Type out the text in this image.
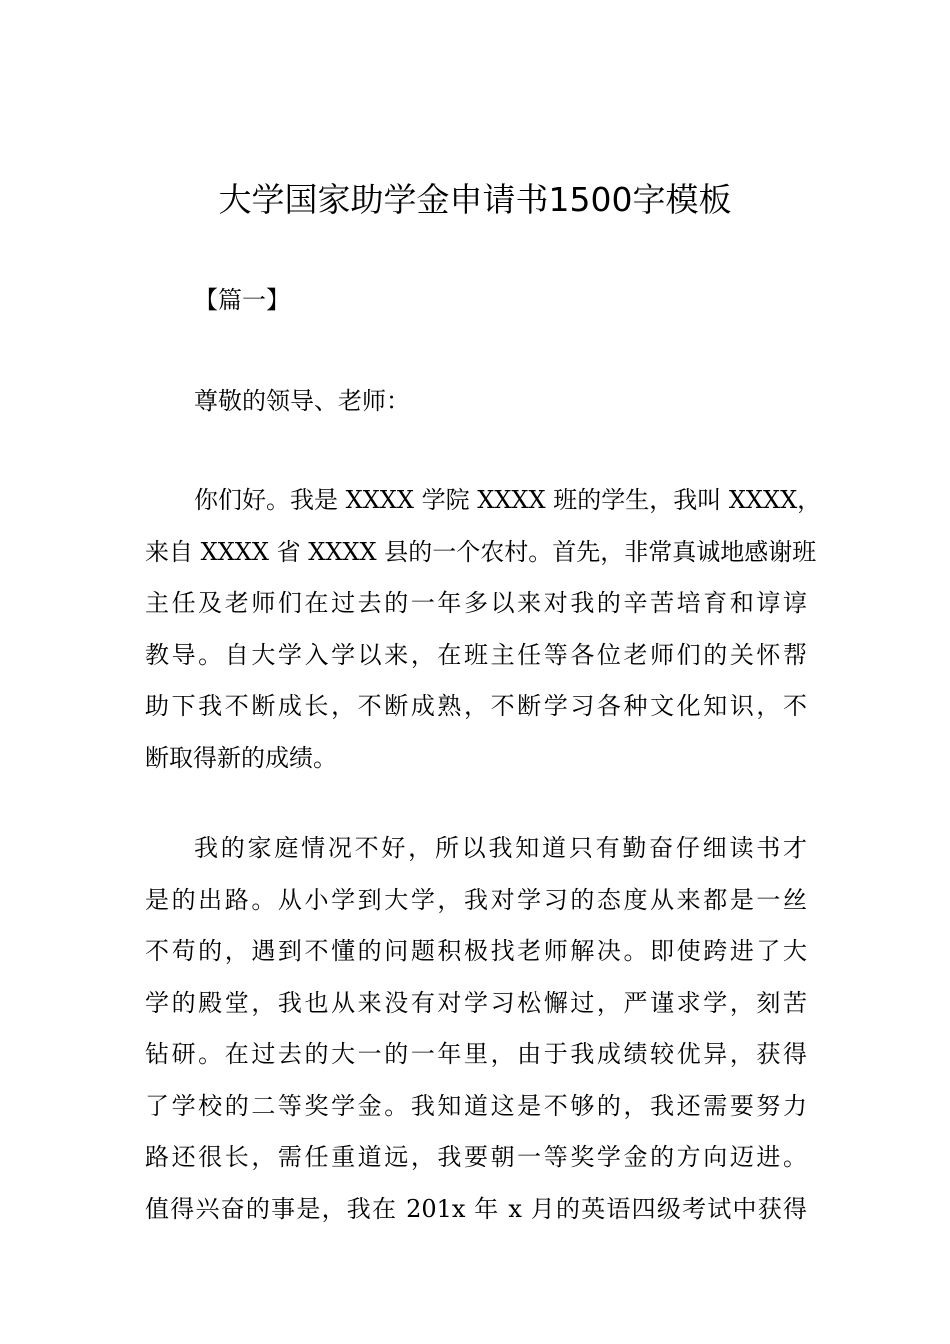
大学国家助学金申请书1500字模板
【篇一】
尊敬的领导、老师：
你们好。我是 XXXX 学院 XXXX 班的学生，我叫 XXXX，
来自 XXXX 省 XXXX 县的一个农村。首先，非常真诚地感谢班
主任及老师们在过去的一年多以来对我的辛苦培育和谆谆
教导。自大学入学以来，在班主任等各位老师们的关怀帮
助下我不断成长，不断成熟，不断学习各种文化知识，不
断取得新的成绩。
我的家庭情况不好，所以我知道只有勤奋仔细读书才
是的出路。从小学到大学，我对学习的态度从来都是一丝
不苟的，遇到不懂的问题积极找老师解决。即使跨进了大
学的殿堂，我也从来没有对学习松懈过，严谨求学，刻苦
钻研。在过去的大一的一年里，由于我成绩较优异，获得
了学校的二等奖学金。我知道这是不够的，我还需要努力
路还很长，需任重道远，我要朝一等奖学金的方向迈进。
值得兴奋的事是，我在 201x 年 x 月的英语四级考试中获得
